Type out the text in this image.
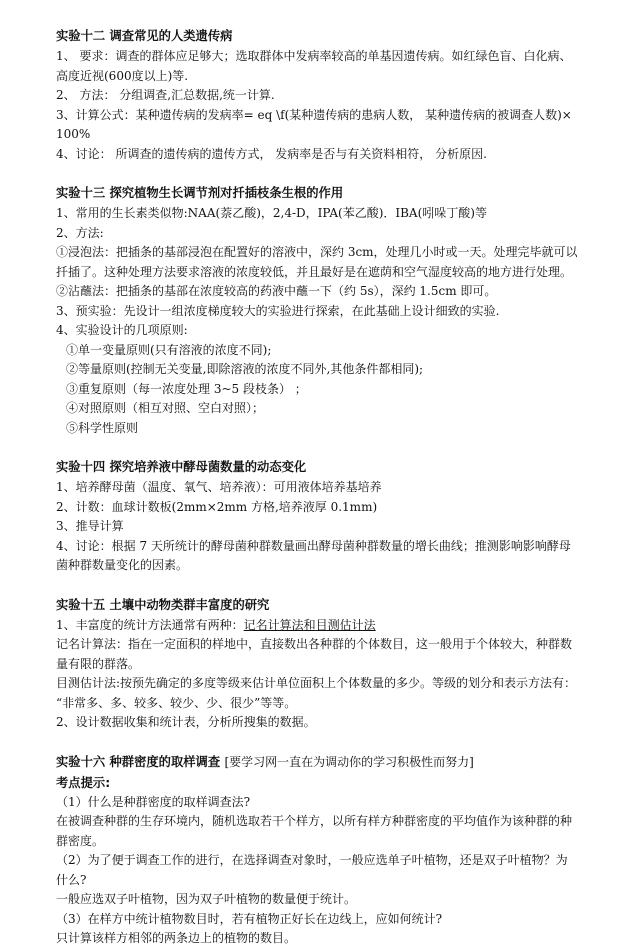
实验十二 调查常见的人类遗传病
1、 要求：调查的群体应足够大；选取群体中发病率较高的单基因遗传病。如红绿色盲、白化病、
高度近视(600度以上)等.
2、 方法： 分组调查,汇总数据,统一计算.
3、计算公式：某种遗传病的发病率= eq \f(某种遗传病的患病人数， 某种遗传病的被调查人数)×
100%
4、讨论： 所调查的遗传病的遗传方式， 发病率是否与有关资料相符， 分析原因.
实验十三 探究植物生长调节剂对扦插枝条生根的作用
1、常用的生长素类似物:NAA(萘乙酸)，2,4-D，IPA(苯乙酸)．IBA(吲哚丁酸)等
2、方法:
①浸泡法：把插条的基部浸泡在配置好的溶液中，深约 3cm，处理几小时或一天。处理完毕就可以
扦插了。这种处理方法要求溶液的浓度较低，并且最好是在遮荫和空气湿度较高的地方进行处理。
②沾蘸法：把插条的基部在浓度较高的药液中蘸一下（约 5s），深约 1.5cm 即可。
3、预实验：先设计一组浓度梯度较大的实验进行探索，在此基础上设计细致的实验.
4、实验设计的几项原则:
①单一变量原则(只有溶液的浓度不同);
②等量原则(控制无关变量,即除溶液的浓度不同外,其他条件都相同);
③重复原则（每一浓度处理 3~5 段枝条） ；
④对照原则（相互对照、空白对照）；
⑤科学性原则
实验十四 探究培养液中酵母菌数量的动态变化
1、培养酵母菌（温度、氧气、培养液）：可用液体培养基培养
2、计数：血球计数板(2mm×2mm 方格,培养液厚 0.1mm)
3、推导计算
4、讨论：根据 7 天所统计的酵母菌种群数量画出酵母菌种群数量的增长曲线；推测影响影响酵母
菌种群数量变化的因素。
实验十五 土壤中动物类群丰富度的研究
1、丰富度的统计方法通常有两种：记名计算法和目测估计法
记名计算法：指在一定面积的样地中，直接数出各种群的个体数目，这一般用于个体较大，种群数
量有限的群落。
目测估计法:按预先确定的多度等级来估计单位面积上个体数量的多少。等级的划分和表示方法有：
“非常多、多、较多、较少、少、很少”等等。
2、设计数据收集和统计表，分析所搜集的数据。
实验十六 种群密度的取样调查 [要学习网一直在为调动你的学习积极性而努力]
考点提示:
（1）什么是种群密度的取样调查法?
在被调查种群的生存环境内，随机选取若干个样方，以所有样方种群密度的平均值作为该种群的种
群密度。
（2）为了便于调查工作的进行，在选择调查对象时，一般应选单子叶植物，还是双子叶植物？为
什么?
一般应选双子叶植物，因为双子叶植物的数量便于统计。
（3）在样方中统计植物数目时，若有植物正好长在边线上，应如何统计?
只计算该样方相邻的两条边上的植物的数目。
